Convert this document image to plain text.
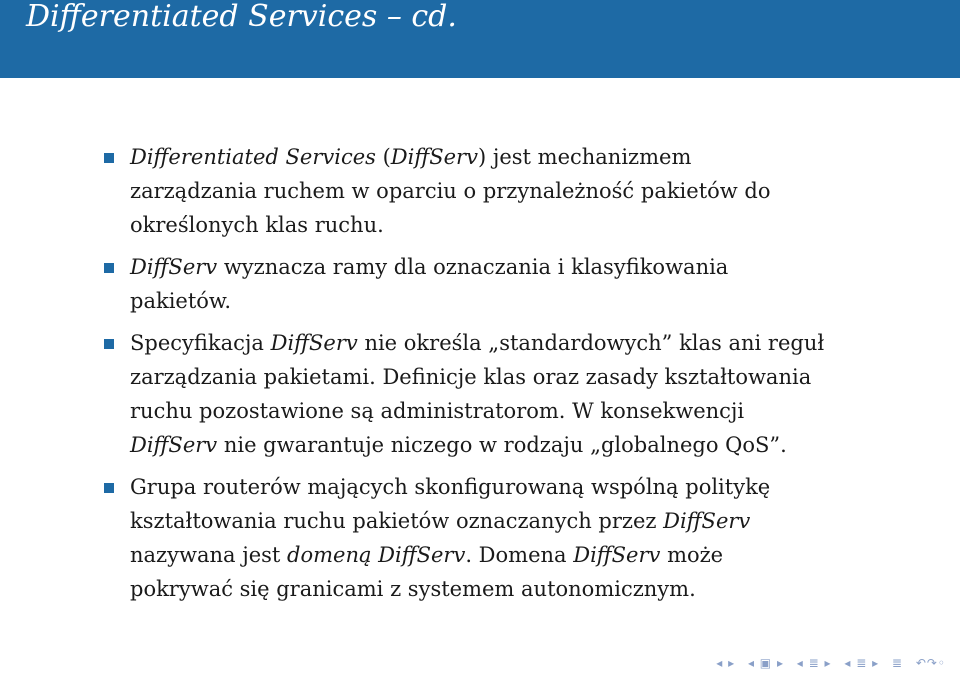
Differentiated Services – cd.
Differentiated Services (DiffServ) jest mechanizmem
zarządzania ruchem w oparciu o przynależność pakietów do
określonych klas ruchu.
DiffServ wyznacza ramy dla oznaczania i klasyfikowania
pakietów.
Specyfikacja DiffServ nie określa „standardowych” klas ani reguł
zarządzania pakietami. Definicje klas oraz zasady kształtowania
ruchu pozostawione są administratorom. W konsekwencji
DiffServ nie gwarantuje niczego w rodzaju „globalnego QoS”.
Grupa routerów mających skonfigurowaną wspólną politykę
kształtowania ruchu pakietów oznaczanych przez DiffServ
nazywana jest domeną DiffServ. Domena DiffServ może
pokrywać się granicami z systemem autonomicznym.
◂ ▸ ◂ ▣ ▸ ◂ ≣ ▸ ◂ ≣ ▸ ≣ ↶↷◦
